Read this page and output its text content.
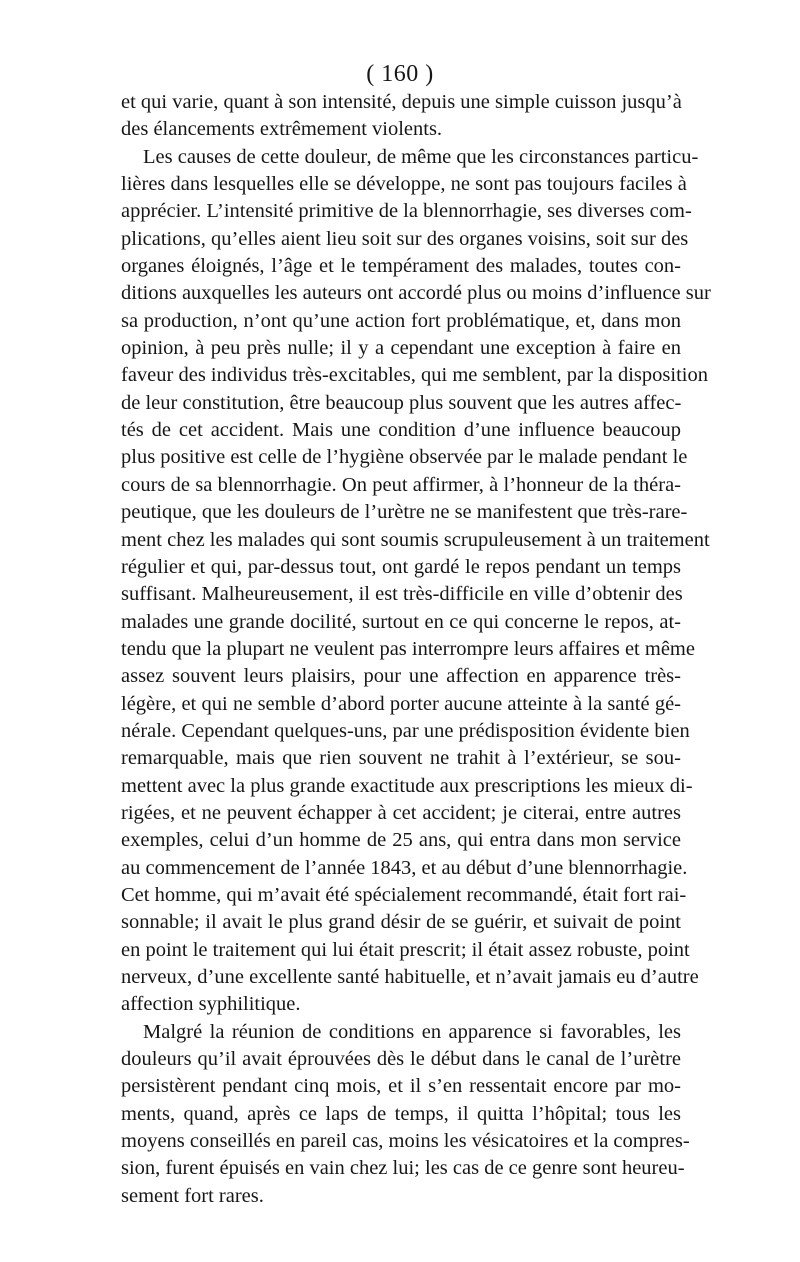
( 160 )
et qui varie, quant à son intensité, depuis une simple cuisson jusqu’à
des élancements extrêmement violents.
Les causes de cette douleur, de même que les circonstances particu-
lières dans lesquelles elle se développe, ne sont pas toujours faciles à
apprécier. L’intensité primitive de la blennorrhagie, ses diverses com-
plications, qu’elles aient lieu soit sur des organes voisins, soit sur des
organes éloignés, l’âge et le tempérament des malades, toutes con-
ditions auxquelles les auteurs ont accordé plus ou moins d’influence sur
sa production, n’ont qu’une action fort problématique, et, dans mon
opinion, à peu près nulle; il y a cependant une exception à faire en
faveur des individus très-excitables, qui me semblent, par la disposition
de leur constitution, être beaucoup plus souvent que les autres affec-
tés de cet accident. Mais une condition d’une influence beaucoup
plus positive est celle de l’hygiène observée par le malade pendant le
cours de sa blennorrhagie. On peut affirmer, à l’honneur de la théra-
peutique, que les douleurs de l’urètre ne se manifestent que très-rare-
ment chez les malades qui sont soumis scrupuleusement à un traitement
régulier et qui, par-dessus tout, ont gardé le repos pendant un temps
suffisant. Malheureusement, il est très-difficile en ville d’obtenir des
malades une grande docilité, surtout en ce qui concerne le repos, at-
tendu que la plupart ne veulent pas interrompre leurs affaires et même
assez souvent leurs plaisirs, pour une affection en apparence très-
légère, et qui ne semble d’abord porter aucune atteinte à la santé gé-
nérale. Cependant quelques-uns, par une prédisposition évidente bien
remarquable, mais que rien souvent ne trahit à l’extérieur, se sou-
mettent avec la plus grande exactitude aux prescriptions les mieux di-
rigées, et ne peuvent échapper à cet accident; je citerai, entre autres
exemples, celui d’un homme de 25 ans, qui entra dans mon service
au commencement de l’année 1843, et au début d’une blennorrhagie.
Cet homme, qui m’avait été spécialement recommandé, était fort rai-
sonnable; il avait le plus grand désir de se guérir, et suivait de point
en point le traitement qui lui était prescrit; il était assez robuste, point
nerveux, d’une excellente santé habituelle, et n’avait jamais eu d’autre
affection syphilitique.
Malgré la réunion de conditions en apparence si favorables, les
douleurs qu’il avait éprouvées dès le début dans le canal de l’urètre
persistèrent pendant cinq mois, et il s’en ressentait encore par mo-
ments, quand, après ce laps de temps, il quitta l’hôpital; tous les
moyens conseillés en pareil cas, moins les vésicatoires et la compres-
sion, furent épuisés en vain chez lui; les cas de ce genre sont heureu-
sement fort rares.
